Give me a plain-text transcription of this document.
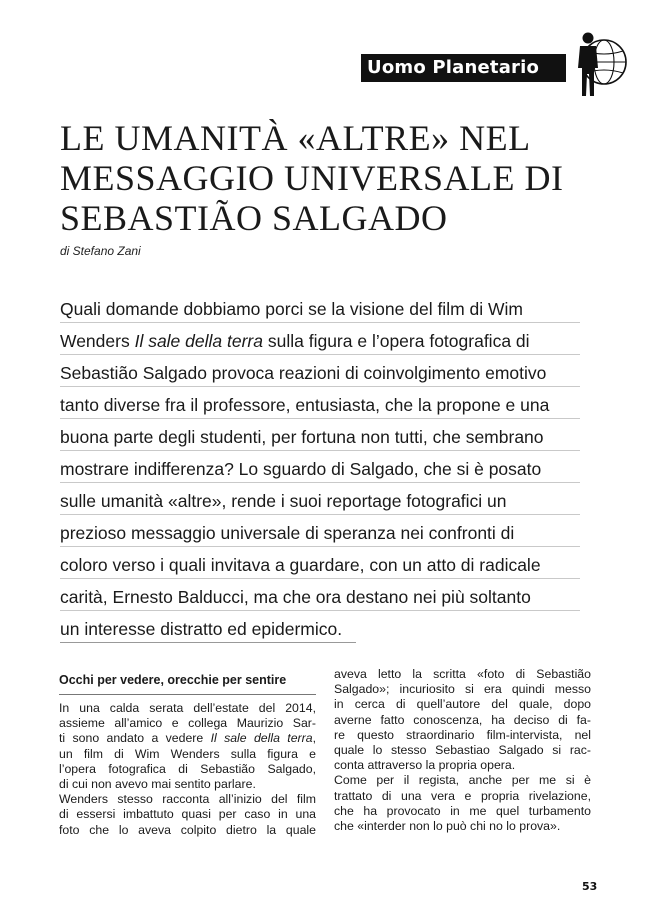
Uomo Planetario
LE UMANITÀ «ALTRE» NEL
MESSAGGIO UNIVERSALE DI
SEBASTIÃO SALGADO
di Stefano Zani
Quali domande dobbiamo porci se la visione del film di Wim
Wenders Il sale della terra sulla figura e l’opera fotografica di
Sebastião Salgado provoca reazioni di coinvolgimento emotivo
tanto diverse fra il professore, entusiasta, che la propone e una
buona parte degli studenti, per fortuna non tutti, che sembrano
mostrare indifferenza? Lo sguardo di Salgado, che si è posato
sulle umanità «altre», rende i suoi reportage fotografici un
prezioso messaggio universale di speranza nei confronti di
coloro verso i quali invitava a guardare, con un atto di radicale
carità, Ernesto Balducci, ma che ora destano nei più soltanto
un interesse distratto ed epidermico.
Occhi per vedere, orecchie per sentire
In una calda serata dell’estate del 2014,
assieme all’amico e collega Maurizio Sar-
ti sono andato a vedere Il sale della terra,
un film di Wim Wenders sulla figura e
l’opera fotografica di Sebastião Salgado,
di cui non avevo mai sentito parlare.
Wenders stesso racconta all’inizio del film
di essersi imbattuto quasi per caso in una
foto che lo aveva colpito dietro la quale
aveva letto la scritta «foto di Sebastião
Salgado»; incuriosito si era quindi messo
in cerca di quell’autore del quale, dopo
averne fatto conoscenza, ha deciso di fa-
re questo straordinario film-intervista, nel
quale lo stesso Sebastiao Salgado si rac-
conta attraverso la propria opera.
Come per il regista, anche per me si è
trattato di una vera e propria rivelazione,
che ha provocato in me quel turbamento
che «interder non lo può chi no lo prova».
53
